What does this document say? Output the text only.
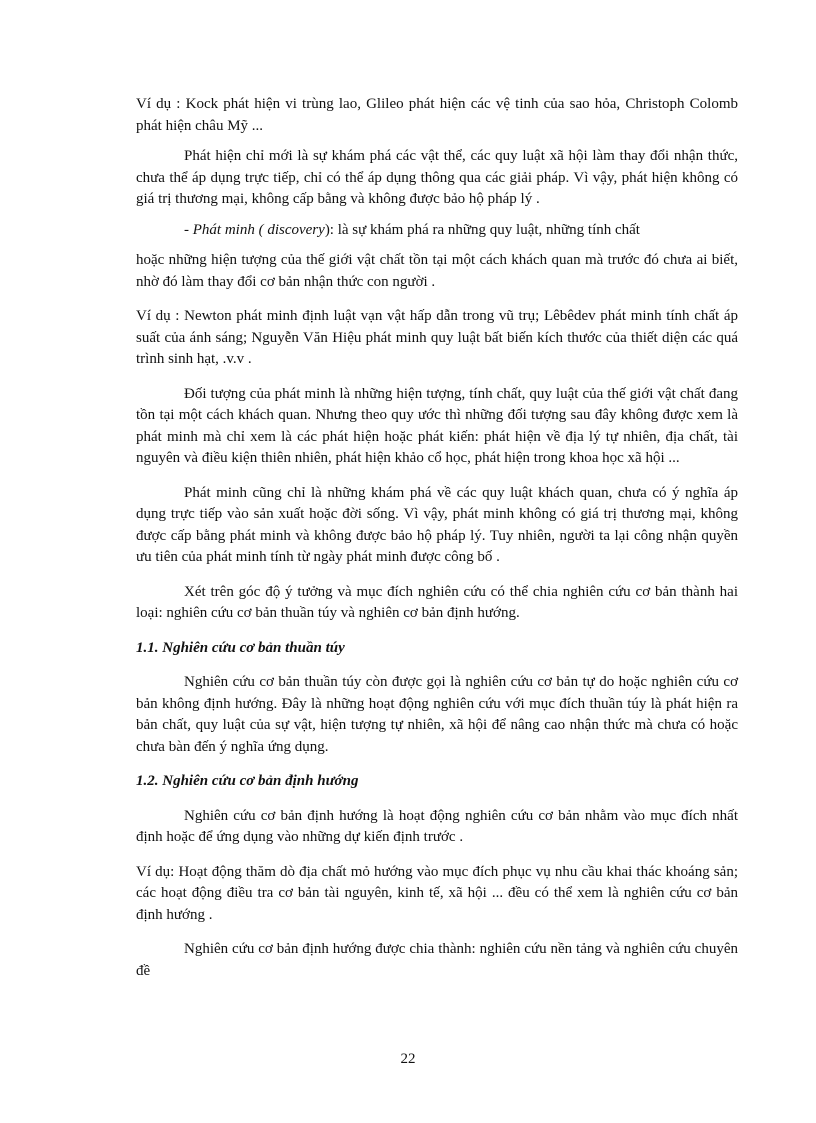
Ví dụ : Kock phát hiện vi trùng lao, Glileo phát hiện các vệ tinh của sao hỏa, Christoph Colomb phát hiện châu Mỹ ...

Phát hiện chỉ mới là sự khám phá các vật thể, các quy luật xã hội làm thay đổi nhận thức, chưa thể áp dụng trực tiếp, chỉ có thể áp dụng thông qua các giải pháp. Vì vậy, phát hiện không có giá trị thương mại, không cấp bằng và không được bảo hộ pháp lý .

- Phát minh ( discovery): là sự khám phá ra những quy luật, những tính chất

hoặc những hiện tượng của thế giới vật chất tồn tại một cách khách quan mà trước đó chưa ai biết, nhờ đó làm thay đổi cơ bản nhận thức con người .

Ví dụ : Newton phát minh định luật vạn vật hấp dẫn trong vũ trụ; Lêbêdev phát minh tính chất áp suất của ánh sáng; Nguyễn Văn Hiệu phát minh quy luật bất biến kích thước của thiết diện các quá trình sinh hạt, .v.v .

Đối tượng của phát minh là những hiện tượng, tính chất, quy luật của thế giới vật chất đang tồn tại một cách khách quan. Nhưng theo quy ước thì những đối tượng sau đây không được xem là phát minh mà chỉ xem là các phát hiện hoặc phát kiến: phát hiện về địa lý tự nhiên, địa chất, tài nguyên và điều kiện thiên nhiên, phát hiện khảo cổ học, phát hiện trong khoa học xã hội ...

Phát minh cũng chỉ là những khám phá về các quy luật khách quan, chưa có ý nghĩa áp dụng trực tiếp vào sản xuất hoặc đời sống. Vì vậy, phát minh không có giá trị thương mại, không được cấp bằng phát minh và không được bảo hộ pháp lý. Tuy nhiên, người ta lại công nhận quyền ưu tiên của phát minh tính từ ngày phát minh được công bố .

Xét trên góc độ ý tưởng và mục đích nghiên cứu có thể chia nghiên cứu cơ bản thành hai loại: nghiên cứu cơ bản thuần túy và nghiên cơ bản định hướng.

1.1. Nghiên cứu cơ bản thuần túy

Nghiên cứu cơ bản thuần túy còn được gọi là nghiên cứu cơ bản tự do hoặc nghiên cứu cơ bản không định hướng. Đây là những hoạt động nghiên cứu với mục đích thuần túy là phát hiện ra bản chất, quy luật của sự vật, hiện tượng tự nhiên, xã hội để nâng cao nhận thức mà chưa có hoặc chưa bàn đến ý nghĩa ứng dụng.

1.2. Nghiên cứu cơ bản định hướng

Nghiên cứu cơ bản định hướng là hoạt động nghiên cứu cơ bản nhằm vào mục đích nhất định hoặc để ứng dụng vào những dự kiến định trước .

Ví dụ: Hoạt động thăm dò địa chất mỏ hướng vào mục đích phục vụ nhu cầu khai thác khoáng sản; các hoạt động điều tra cơ bản tài nguyên, kinh tế, xã hội ... đều có thể xem là nghiên cứu cơ bản định hướng .

Nghiên cứu cơ bản định hướng được chia thành: nghiên cứu nền tảng và nghiên cứu chuyên đề

22
